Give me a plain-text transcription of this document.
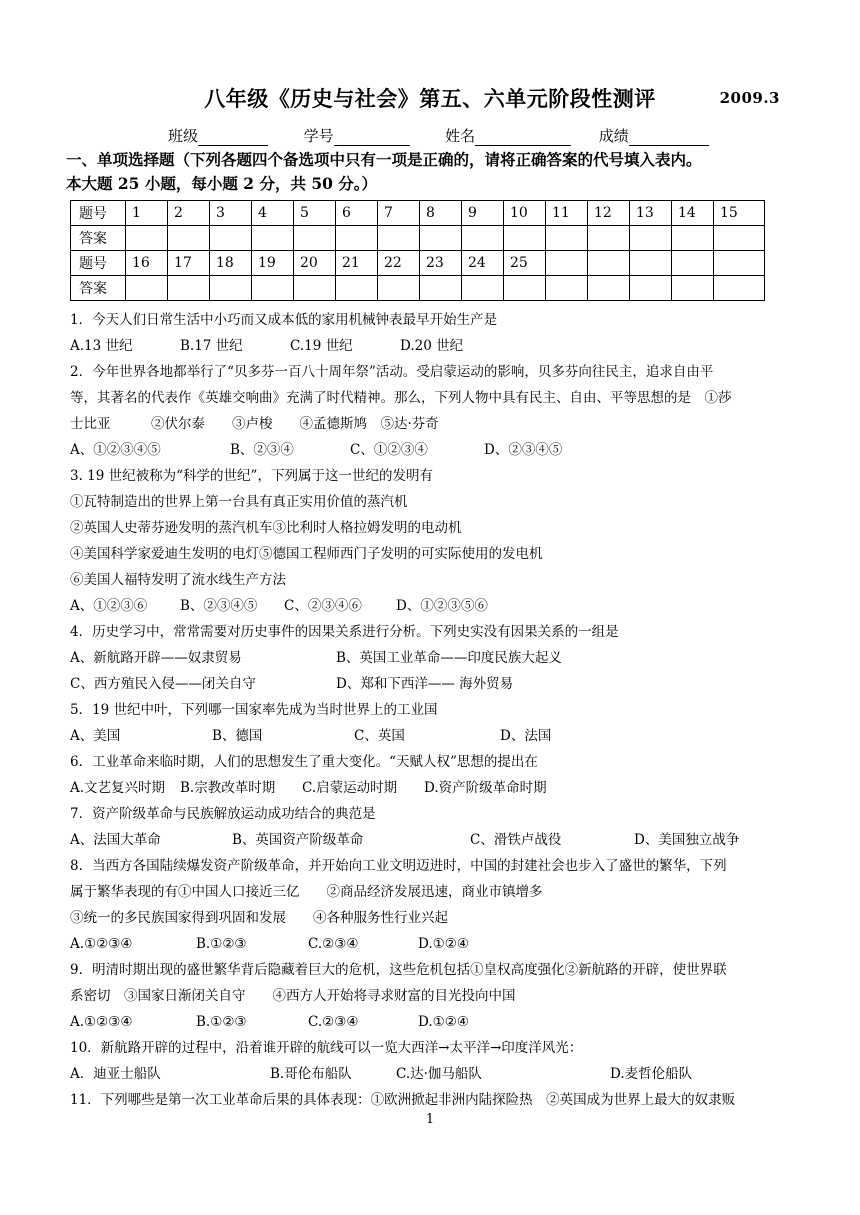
八年级《历史与社会》第五、六单元阶段性测评	2009.3
班级	学号	姓名	成绩
一、单项选择题（下列各题四个备选项中只有一项是正确的，请将正确答案的代号填入表内。
本大题 25 小题，每小题 2 分，共 50 分。）
题号	1	2	3	4	5	6	7	8	9	10	11	12	13	14	15
答案															
题号	16	17	18	19	20	21	22	23	24	25					
答案															
1．今天人们日常生活中小巧而又成本低的家用机械钟表最早开始生产是
A.13 世纪	B.17 世纪	C.19 世纪	D.20 世纪
2．今年世界各地都举行了“贝多芬一百八十周年祭”活动。受启蒙运动的影响，贝多芬向往民主，追求自由平
等，其著名的代表作《英雄交响曲》充满了时代精神。那么，下列人物中具有民主、自由、平等思想的是　①莎
士比亚　　　②伏尔泰　　③卢梭　　④孟德斯鸠　⑤达·芬奇
A、①②③④⑤	B、②③④	C、①②③④	D、②③④⑤
3. 19 世纪被称为“科学的世纪”，下列属于这一世纪的发明有
①瓦特制造出的世界上第一台具有真正实用价值的蒸汽机
②英国人史蒂芬逊发明的蒸汽机车③比利时人格拉姆发明的电动机
④美国科学家爱迪生发明的电灯⑤德国工程师西门子发明的可实际使用的发电机
⑥美国人福特发明了流水线生产方法
A、①②③⑥ B、②③④⑤ C、②③④⑥	D、①②③⑤⑥
4．历史学习中，常常需要对历史事件的因果关系进行分析。下列史实没有因果关系的一组是
A、新航路开辟——奴隶贸易	B、英国工业革命——印度民族大起义
C、西方殖民入侵——闭关自守	D、郑和下西洋—— 海外贸易
5．19 世纪中叶，下列哪一国家率先成为当时世界上的工业国
A、美国	B、德国	C、英国	D、法国
6．工业革命来临时期，人们的思想发生了重大变化。“天赋人权”思想的提出在
A.文艺复兴时期 B.宗教改革时期 C.启蒙运动时期 D.资产阶级革命时期
7．资产阶级革命与民族解放运动成功结合的典范是
A、法国大革命	B、英国资产阶级革命	C、滑铁卢战役	D、美国独立战争
8．当西方各国陆续爆发资产阶级革命，并开始向工业文明迈进时，中国的封建社会也步入了盛世的繁华，下列
属于繁华表现的有①中国人口接近三亿　　②商品经济发展迅速，商业市镇增多
③统一的多民族国家得到巩固和发展　　④各种服务性行业兴起
A.①②③④	B.①②③	C.②③④	D.①②④
9．明清时期出现的盛世繁华背后隐藏着巨大的危机，这些危机包括①皇权高度强化②新航路的开辟，使世界联
系密切　③国家日渐闭关自守　　④西方人开始将寻求财富的目光投向中国
A.①②③④	B.①②③	C.②③④	D.①②④
10．新航路开辟的过程中，沿着谁开辟的航线可以一览大西洋→太平洋→印度洋风光：
A．迪亚士船队	B.哥伦布船队	C.达·伽马船队	D.麦哲伦船队
11．下列哪些是第一次工业革命后果的具体表现：①欧洲掀起非洲内陆探险热　②英国成为世界上最大的奴隶贩
1
